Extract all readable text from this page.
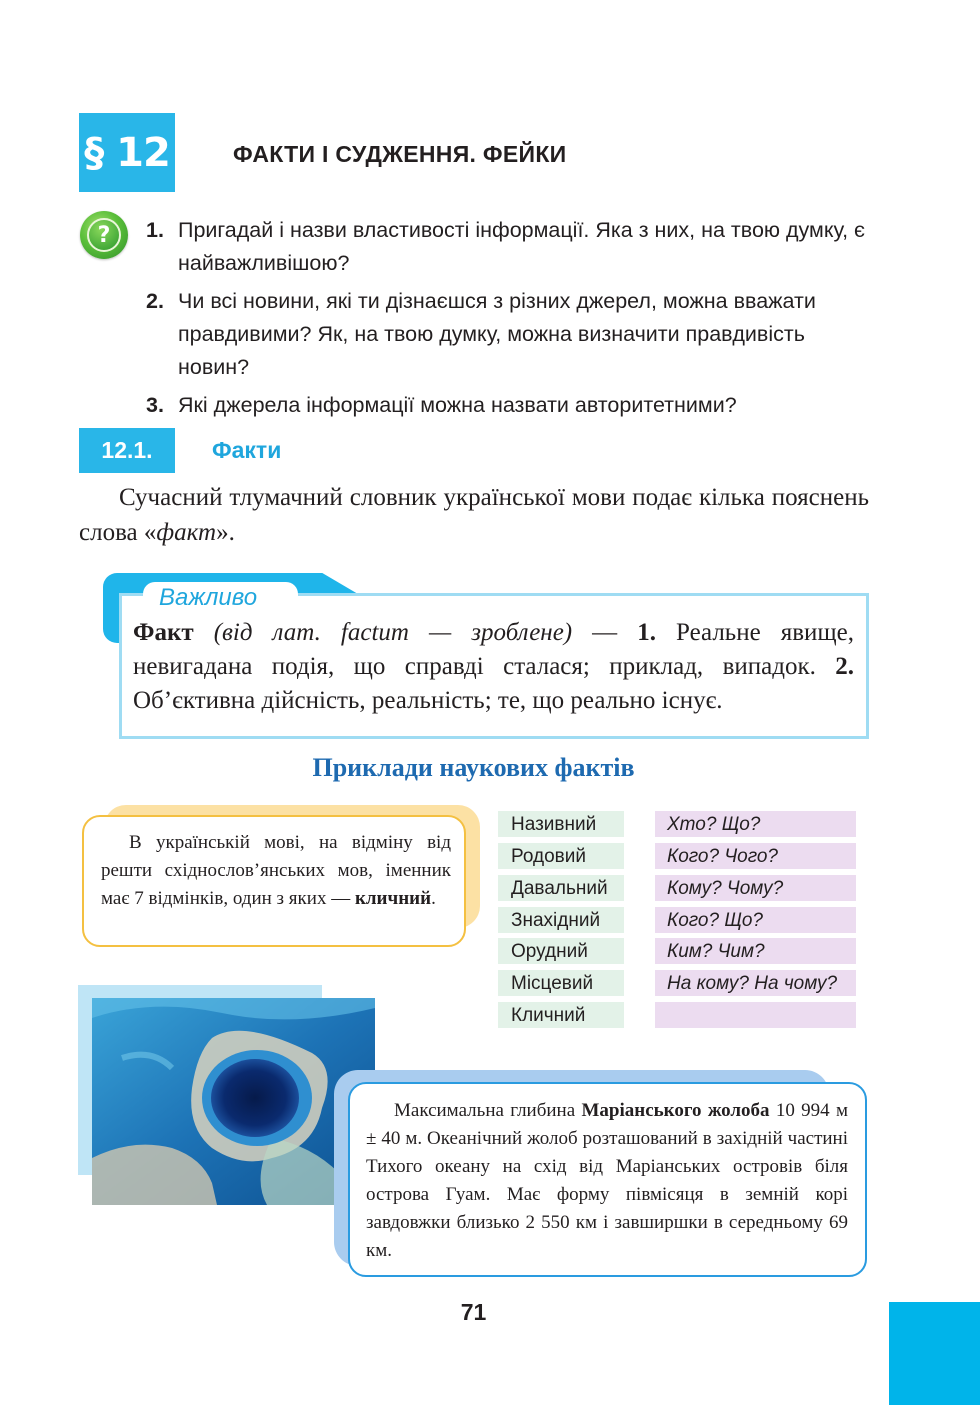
§ 12	ФАКТИ І СУДЖЕННЯ. ФЕЙКИ
?	1. Пригадай і назви властивості інформації. Яка з них, на твою думку, є найважливішою?
2. Чи всі новини, які ти дізнаєшся з різних джерел, можна вважати правдивими? Як, на твою думку, можна визначити правдивість новин?
3. Які джерела інформації можна назвати авторитетними?
12.1.	Факти
Сучасний тлумачний словник української мови подає кілька пояснень слова «факт».
Важливо
Факт (від лат. factum — зроблене) — 1. Реальне явище, невигадана подія, що справді сталася; приклад, випадок. 2. Об’єктивна дійсність, реальність; те, що реально існує.
Приклади наукових фактів
В українській мові, на відміну від решти східнослов’янських мов, іменник має 7 відмінків, один з яких — кличний.
Називний	Хто? Що?
Родовий	Кого? Чого?
Давальний	Кому? Чому?
Знахідний	Кого? Що?
Орудний	Ким? Чим?
Місцевий	На кому? На чому?
Кличний
Максимальна глибина Маріанського жолоба 10 994 м ± 40 м. Океанічний жолоб розташований в західній частині Тихого океану на схід від Маріанських островів біля острова Гуам. Має форму півмісяця в земній корі завдовжки близько 2 550 км і завширшки в середньому 69 км.
71
